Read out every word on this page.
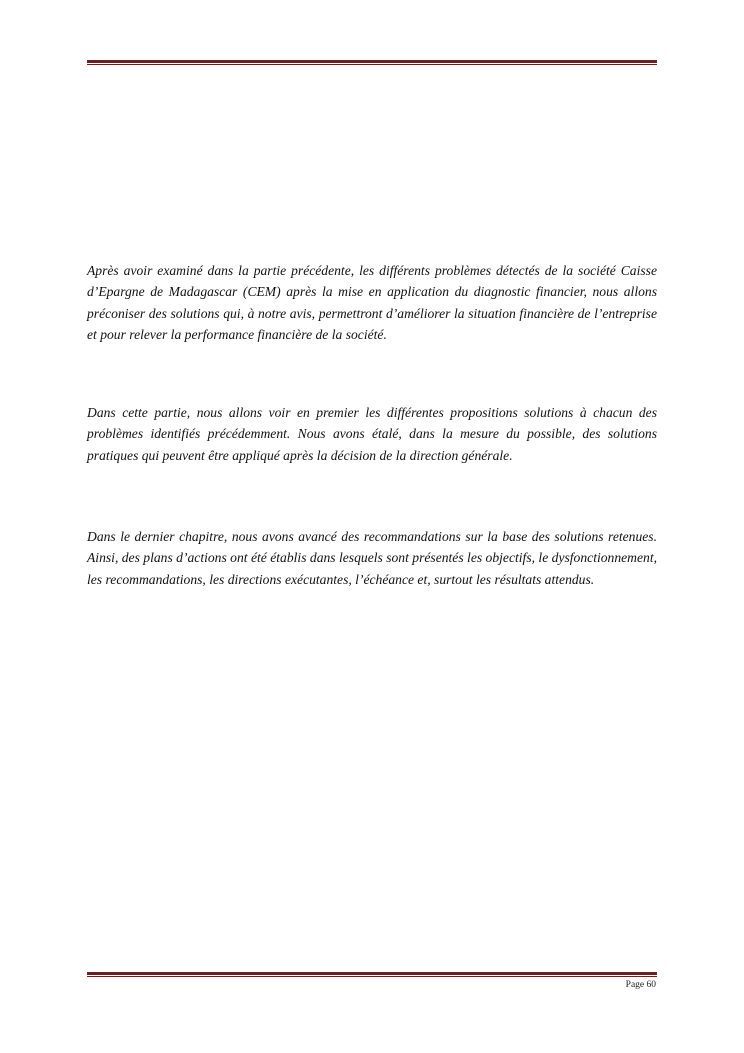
Après avoir examiné dans la partie précédente, les différents problèmes détectés de la société Caisse d’Epargne de Madagascar (CEM) après la mise en application du diagnostic financier, nous allons préconiser des solutions qui, à notre avis, permettront d’améliorer la situation financière de l’entreprise et pour relever la performance financière de la société.

Dans cette partie, nous allons voir en premier les différentes propositions solutions à chacun des problèmes identifiés précédemment. Nous avons étalé, dans la mesure du possible, des solutions pratiques qui peuvent être appliqué après la décision de la direction générale.

Dans le dernier chapitre, nous avons avancé des recommandations sur la base des solutions retenues. Ainsi, des plans d’actions ont été établis dans lesquels sont présentés les objectifs, le dysfonctionnement, les recommandations, les directions exécutantes, l’échéance et, surtout les résultats attendus.

Page 60
